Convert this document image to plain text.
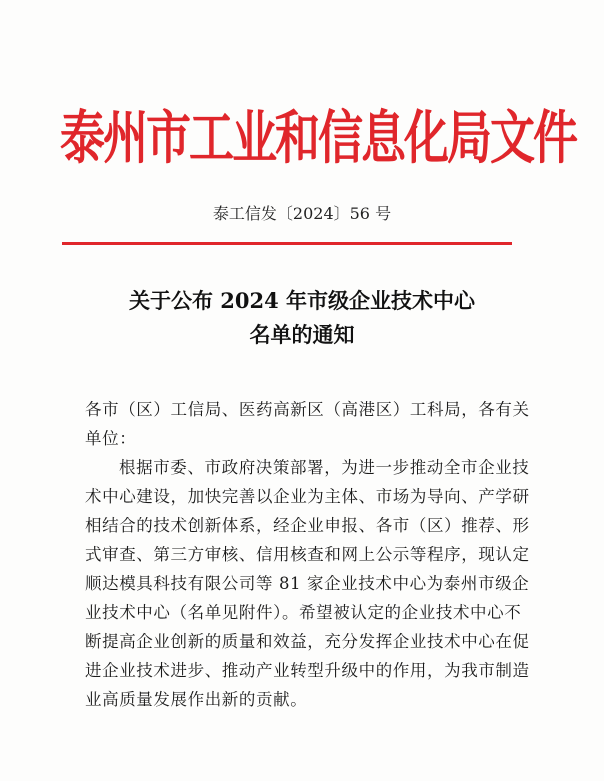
泰州市工业和信息化局文件
泰工信发〔2024〕56 号
关于公布 2024 年市级企业技术中心
名单的通知
各市（区）工信局、医药高新区（高港区）工科局，各有关
单位：
根据市委、市政府决策部署，为进一步推动全市企业技
术中心建设，加快完善以企业为主体、市场为导向、产学研
相结合的技术创新体系，经企业申报、各市（区）推荐、形
式审查、第三方审核、信用核查和网上公示等程序，现认定
顺达模具科技有限公司等 81 家企业技术中心为泰州市级企
业技术中心（名单见附件）。希望被认定的企业技术中心不
断提高企业创新的质量和效益，充分发挥企业技术中心在促
进企业技术进步、推动产业转型升级中的作用，为我市制造
业高质量发展作出新的贡献。
